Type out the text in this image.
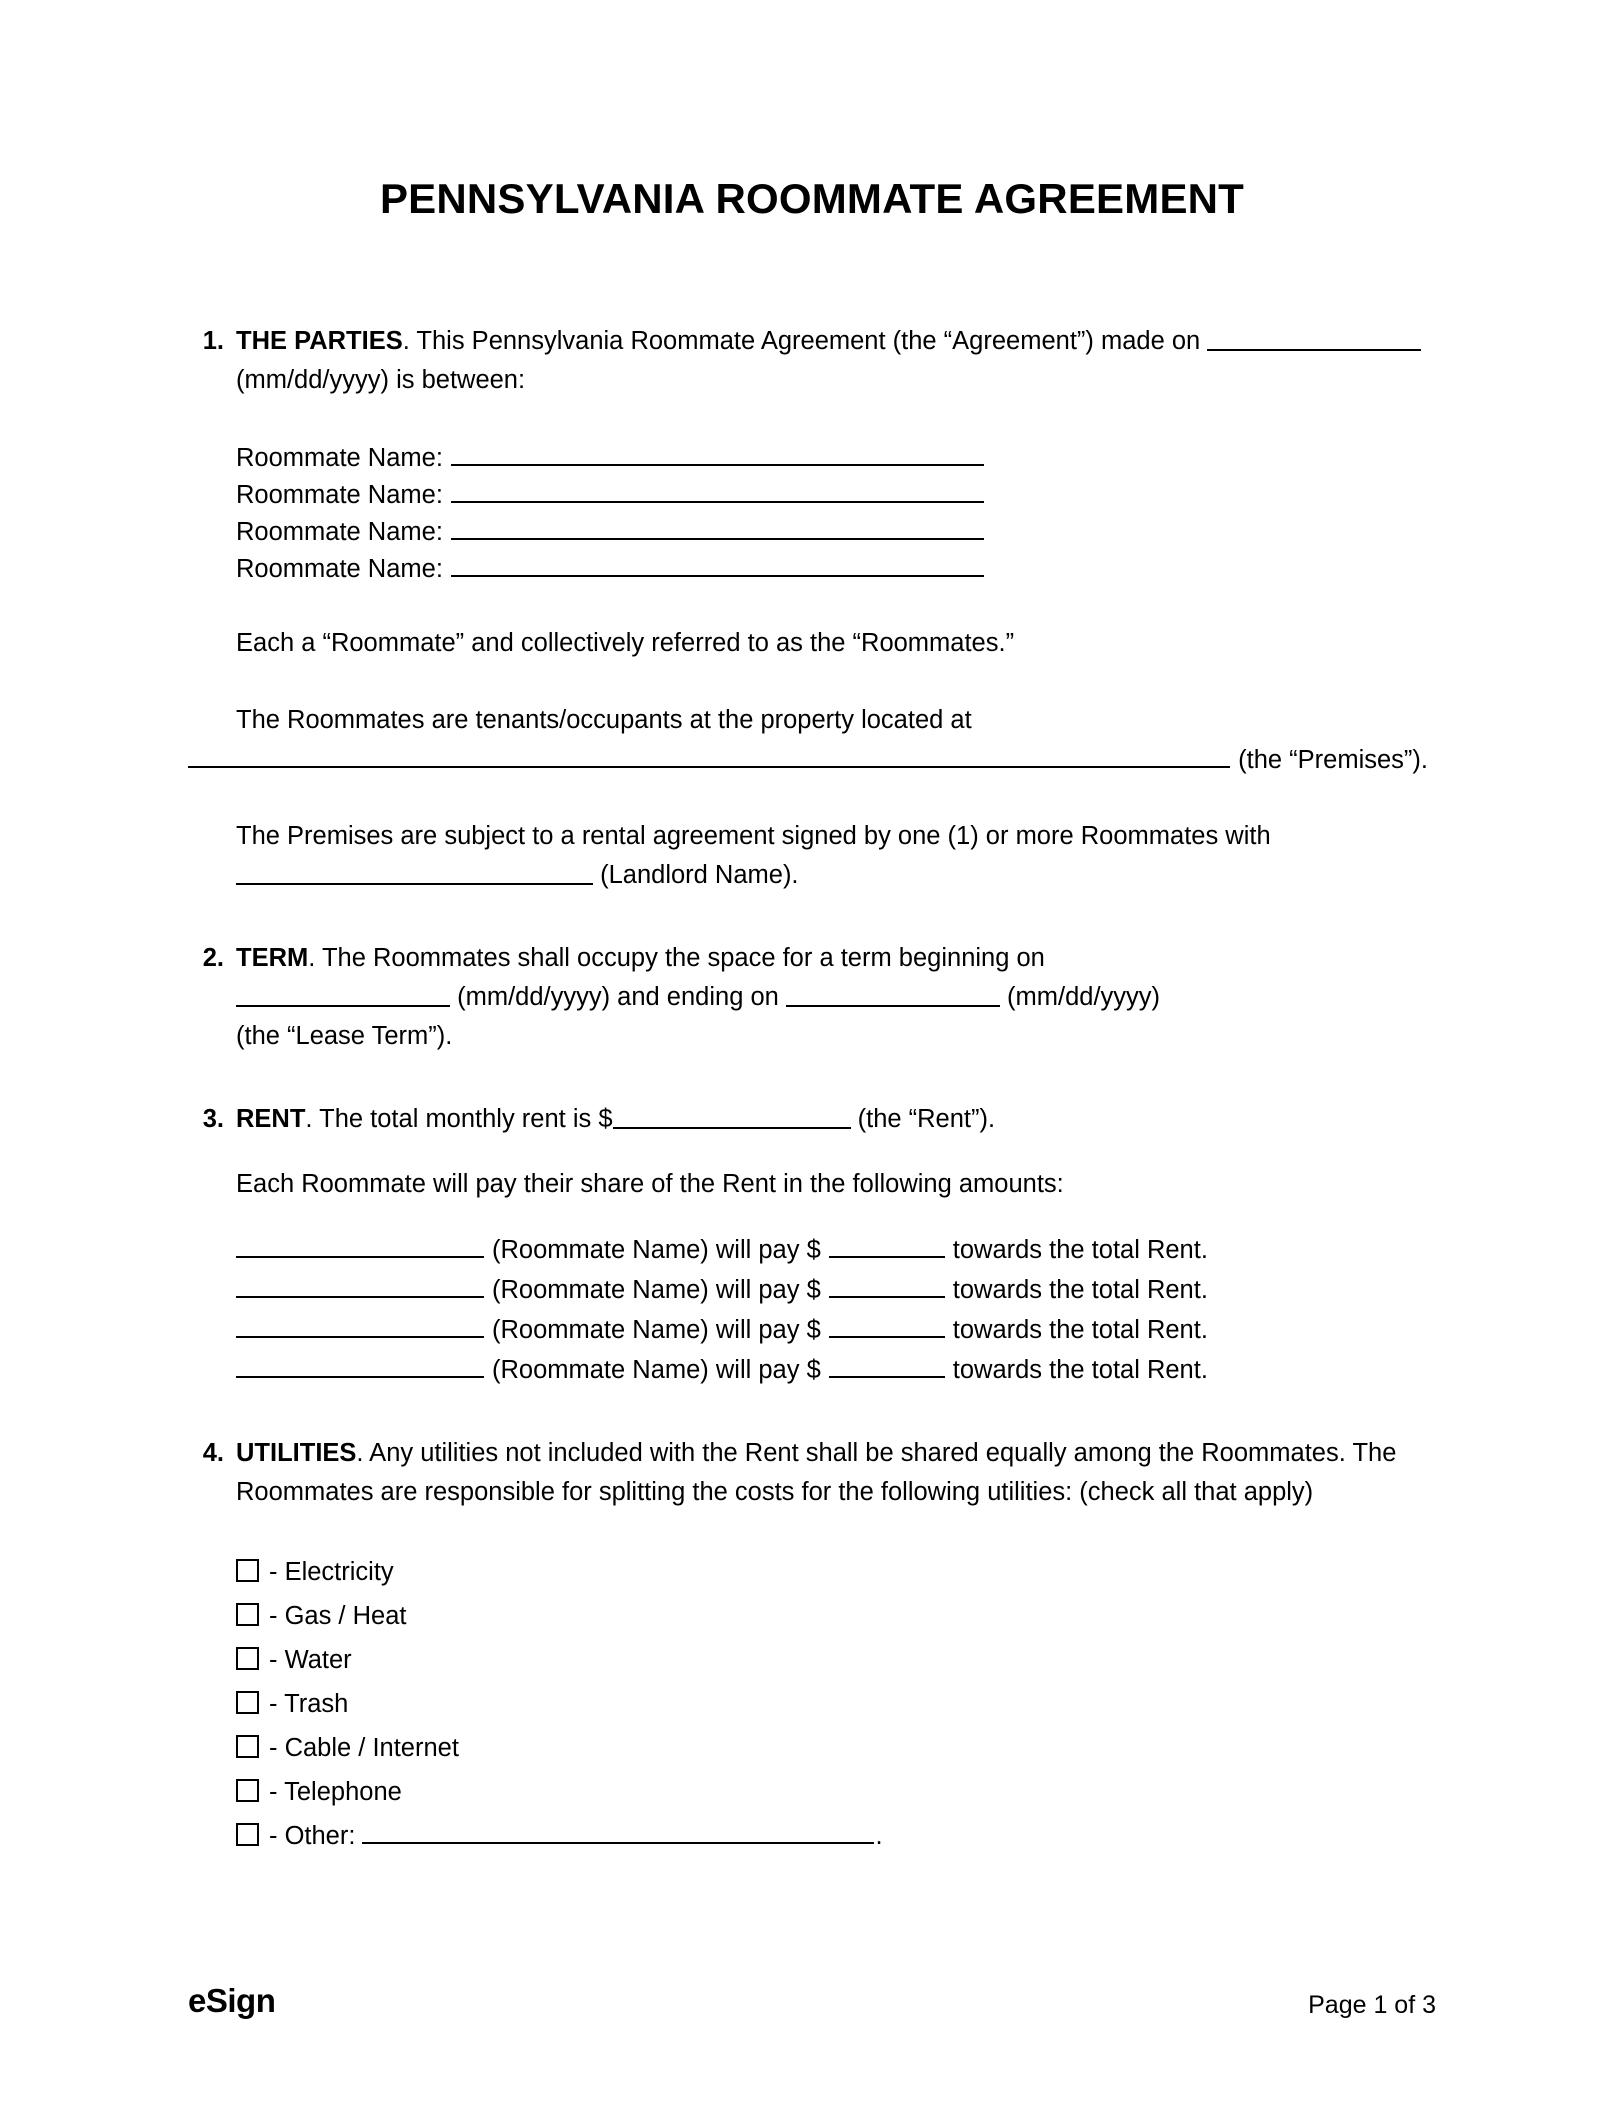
PENNSYLVANIA ROOMMATE AGREEMENT
1. THE PARTIES. This Pennsylvania Roommate Agreement (the “Agreement”) made on  (mm/dd/yyyy) is between:
Roommate Name:
Roommate Name:
Roommate Name:
Roommate Name:
Each a “Roommate” and collectively referred to as the “Roommates.”
The Roommates are tenants/occupants at the property located at
(the “Premises”).
The Premises are subject to a rental agreement signed by one (1) or more Roommates with
(Landlord Name).
2. TERM. The Roommates shall occupy the space for a term beginning on
(mm/dd/yyyy) and ending on	(mm/dd/yyyy)
(the “Lease Term”).
3. RENT. The total monthly rent is $	(the “Rent”).
Each Roommate will pay their share of the Rent in the following amounts:
(Roommate Name) will pay $	towards the total Rent.
(Roommate Name) will pay $	towards the total Rent.
(Roommate Name) will pay $	towards the total Rent.
(Roommate Name) will pay $	towards the total Rent.
4. UTILITIES. Any utilities not included with the Rent shall be shared equally among the Roommates. The Roommates are responsible for splitting the costs for the following utilities: (check all that apply)
- Electricity
- Gas / Heat
- Water
- Trash
- Cable / Internet
- Telephone
- Other:	.
eSign	Page 1 of 3
